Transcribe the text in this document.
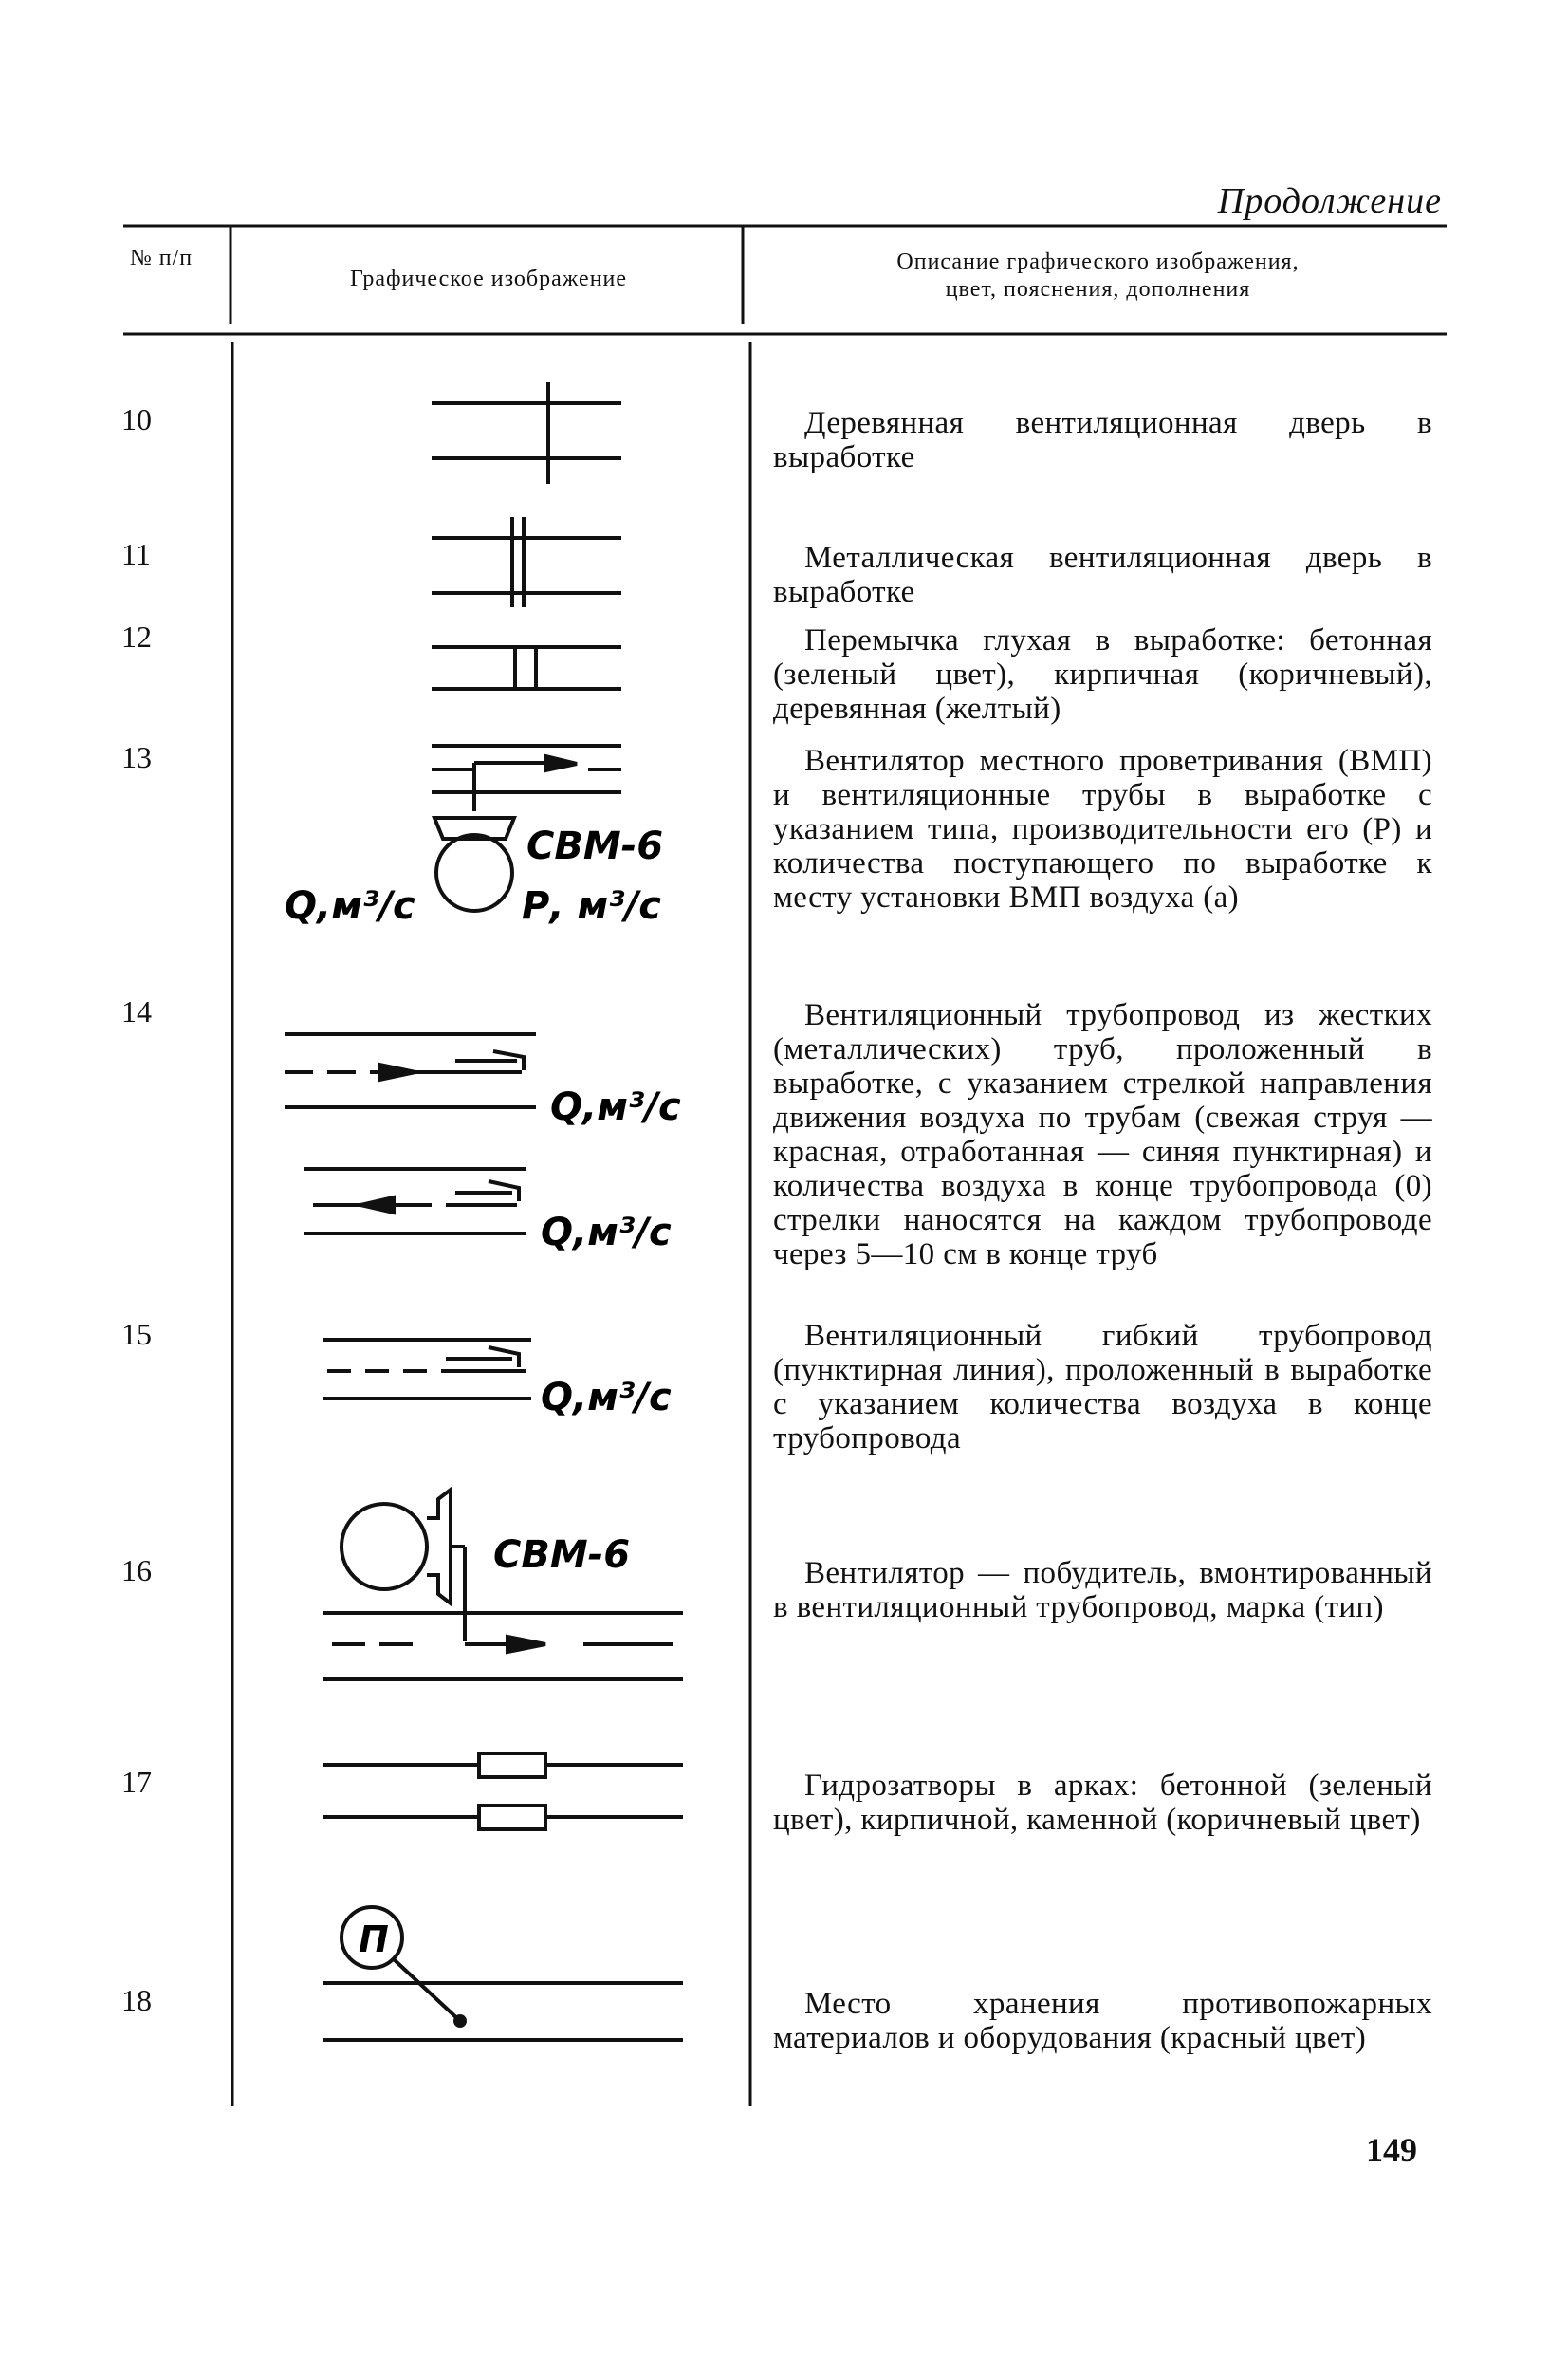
Продолжение
№ п/п
Графическое изображение
Описание графического изображения,
цвет, пояснения, дополнения
10
11
12
13
14
15
16
17
18
Деревянная вентиляционная дверь в выработке
Металлическая вентиляционная дверь в выработке
Перемычка глухая в выработке: бетонная (зеленый цвет), кирпичная (коричневый), деревянная (желтый)
Вентилятор местного проветривания (ВМП) и вентиляционные трубы в выработке с указанием типа, производительности его (Р) и количества поступающего по выработке к месту установки ВМП воздуха (а)
Вентиляционный трубопровод из жестких (металлических) труб, проложенный в выработке, с указанием стрелкой направления движения воздуха по трубам (свежая струя — красная, отработанная — синяя пунктирная) и количества воздуха в конце трубопровода (0) стрелки наносятся на каждом трубопроводе через 5—10 см в конце труб
Вентиляционный гибкий трубопровод (пунктирная линия), проложенный в выработке с указанием количества воздуха в конце трубопровода
Вентилятор — побудитель, вмонтированный в вентиляционный трубопровод, марка (тип)
Гидрозатворы в арках: бетонной (зеленый цвет), кирпичной, каменной (коричневый цвет)
Место хранения противопожарных материалов и оборудования (красный цвет)
СВМ-6
Q,м³/с	Р, м³/с
Q,м³/с
Q,м³/с
Q,м³/с
СВМ-6
П
149
